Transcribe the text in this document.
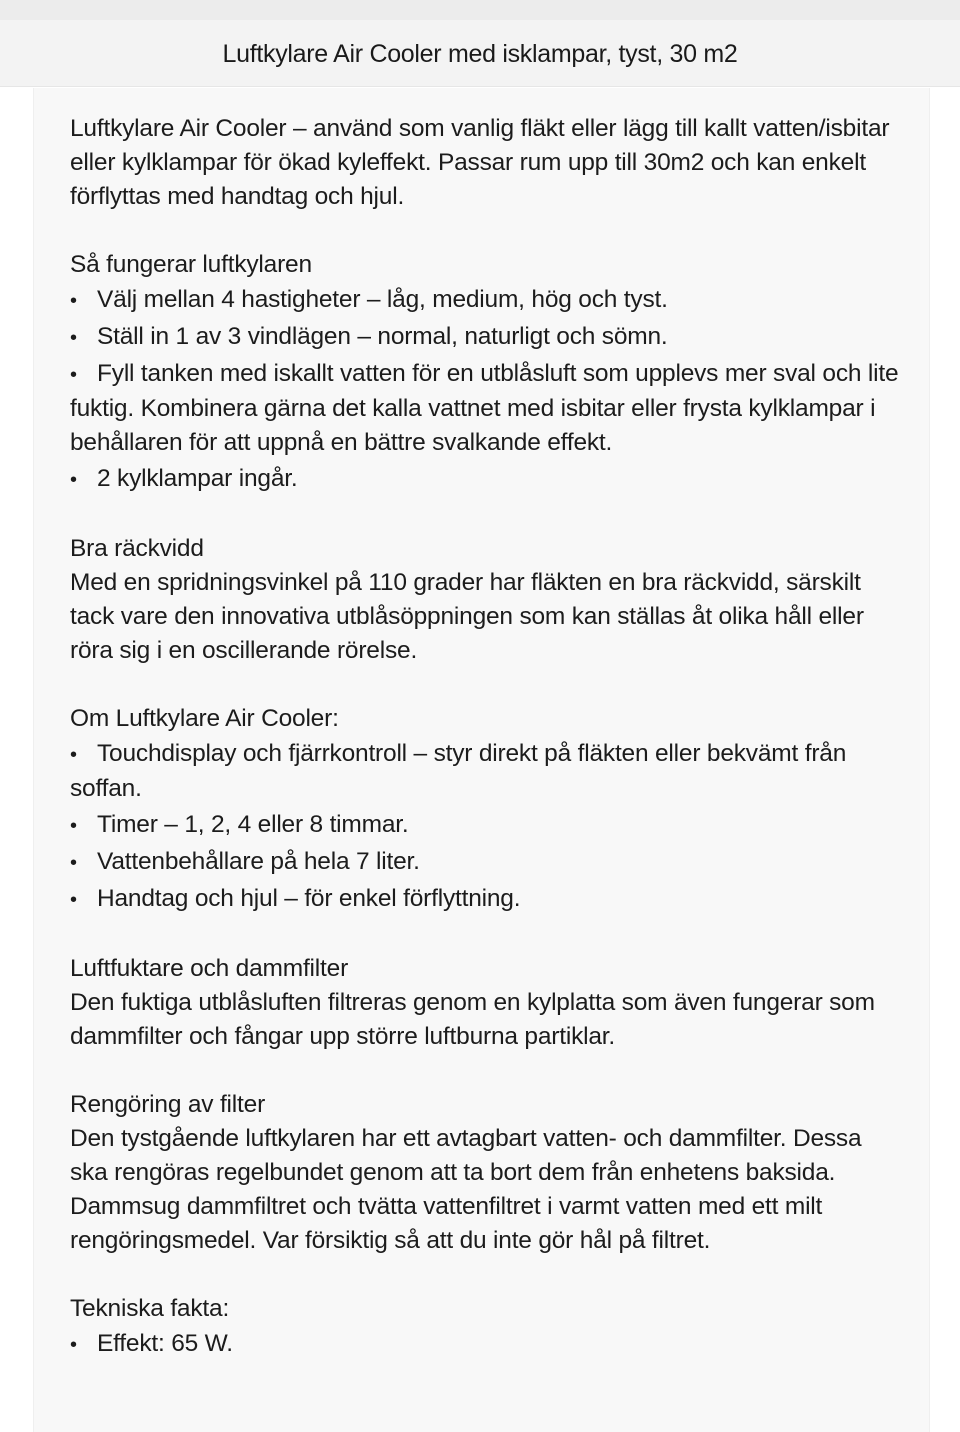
Luftkylare Air Cooler med isklampar, tyst, 30 m2

Luftkylare Air Cooler – använd som vanlig fläkt eller lägg till kallt vatten/isbitar eller kylklampar för ökad kyleffekt. Passar rum upp till 30m2 och kan enkelt förflyttas med handtag och hjul.

Så fungerar luftkylaren

• Välj mellan 4 hastigheter – låg, medium, hög och tyst.

• Ställ in 1 av 3 vindlägen – normal, naturligt och sömn.

• Fyll tanken med iskallt vatten för en utblåsluft som upplevs mer sval och lite fuktig. Kombinera gärna det kalla vattnet med isbitar eller frysta kylklampar i behållaren för att uppnå en bättre svalkande effekt.

• 2 kylklampar ingår.

Bra räckvidd

Med en spridningsvinkel på 110 grader har fläkten en bra räckvidd, särskilt tack vare den innovativa utblåsöppningen som kan ställas åt olika håll eller röra sig i en oscillerande rörelse.

Om Luftkylare Air Cooler:

• Touchdisplay och fjärrkontroll – styr direkt på fläkten eller bekvämt från soffan.

• Timer – 1, 2, 4 eller 8 timmar.

• Vattenbehållare på hela 7 liter.

• Handtag och hjul – för enkel förflyttning.

Luftfuktare och dammfilter

Den fuktiga utblåsluften filtreras genom en kylplatta som även fungerar som dammfilter och fångar upp större luftburna partiklar.

Rengöring av filter

Den tystgående luftkylaren har ett avtagbart vatten- och dammfilter. Dessa ska rengöras regelbundet genom att ta bort dem från enhetens baksida. Dammsug dammfiltret och tvätta vattenfiltret i varmt vatten med ett milt rengöringsmedel. Var försiktig så att du inte gör hål på filtret.

Tekniska fakta:

• Effekt: 65 W.
